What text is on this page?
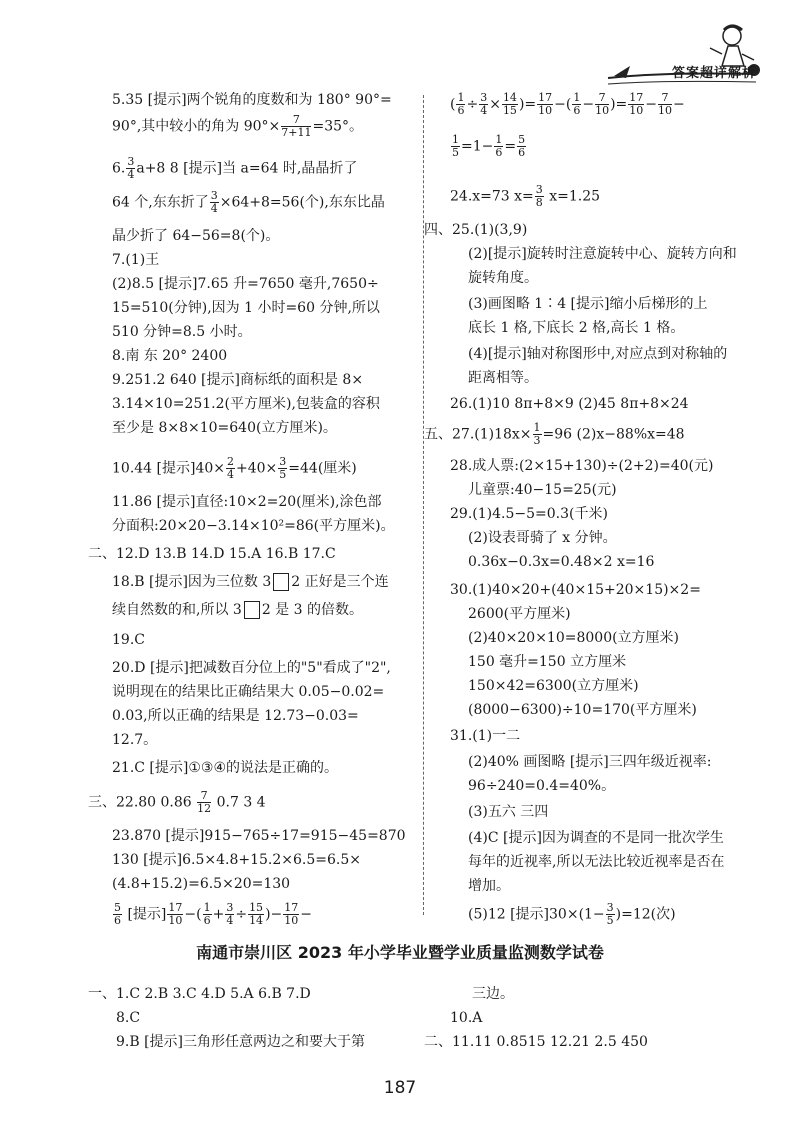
答案超详解析
5.35 [提示]两个锐角的度数和为 180° 90°=
90°,其中较小的角为 $90^\circ\times \frac{7}{7+11} =35^\circ$。
6. $\frac{3}{4} a+8$ 8 [提示]当 a=64 时,晶晶折了
64 个,东东折了 $\frac{3}{4} \times 64+8=56$(个),东东比晶
晶少折了 64−56=8(个)。
7.(1)王
(2)8.5 [提示]7.65 升=7650 毫升,7650÷
15=510(分钟),因为 1 小时=60 分钟,所以
510 分钟=8.5 小时。
8.南 东 20° 2400
9.251.2 640 [提示]商标纸的面积是 8×
3.14×10=251.2(平方厘米),包装盒的容积
至少是 8×8×10=640(立方厘米)。
10.44 [提示]$40\times \frac{2}{4} +40\times \frac{3}{5} =44$(厘米)
11.86 [提示]直径:10×2=20(厘米),涂色部
分面积:20×20−3.14×10²=86(平方厘米)。
二、12.D 13.B 14.D 15.A 16.B 17.C
18.B [提示]因为三位数 3 2 正好是三个连
续自然数的和,所以 3 2 是 3 的倍数。
19.C
20.D [提示]把减数百分位上的"5"看成了"2",
说明现在的结果比正确结果大 0.05−0.02=
0.03,所以正确的结果是 12.73−0.03=
12.7。
21.C [提示]①③④的说法是正确的。
三、22.80 $0.86 \frac{7}{12} 0.7$ 3 4
23.870 [提示]915−765÷17=915−45=870
130 [提示]6.5×4.8+15.2×6.5=6.5×
(4.8+15.2)=6.5×20=130
$\frac{5}{6}$ [提示] $\frac{17}{10}$ −( $\frac{1}{6} + \frac{3}{4} \div \frac{15}{14}$ )− $\frac{17}{10}$ −
( $\frac{1}{6} \div \frac{3}{4} \times \frac{14}{15}$ )= $\frac{17}{10}$ −( $\frac{1}{6} - \frac{7}{10}$ )= $\frac{17}{10} - \frac{7}{10}$ −
$\frac{1}{5} =1- \frac{1}{6} = \frac{5}{6}$
24.x=73 $x= \frac{3}{8} x=1.25$
四、25.(1)(3,9)
(2)[提示]旋转时注意旋转中心、旋转方向和
旋转角度。
(3)画图略 1∶4 [提示]缩小后梯形的上
底长 1 格,下底长 2 格,高长 1 格。
(4)[提示]轴对称图形中,对应点到对称轴的
距离相等。
26.(1)10 8π+8×9 (2)45 8π+8×24
五、$27.(1)18x\times \frac{1}{3} =96$ (2)x−88%x=48
28.成人票:(2×15+130)÷(2+2)=40(元)
儿童票:40−15=25(元)
29.(1)4.5−5=0.3(千米)
(2)设表哥骑了 x 分钟。
0.36x−0.3x=0.48×2 x=16
30.(1)40×20+(40×15+20×15)×2=
2600(平方厘米)
(2)40×20×10=8000(立方厘米)
150 毫升=150 立方厘米
150×42=6300(立方厘米)
(8000−6300)÷10=170(平方厘米)
31.(1)一二
(2)40% 画图略 [提示]三四年级近视率:
96÷240=0.4=40%。
(3)五六 三四
(4)C [提示]因为调查的不是同一批次学生
每年的近视率,所以无法比较近视率是否在
增加。
(5)12 [提示]$30\times(1- \frac{3}{5} )=12$(次)
南通市崇川区 2023 年小学毕业暨学业质量监测数学试卷
一、1.C 2.B 3.C 4.D 5.A 6.B 7.D
8.C
9.B [提示]三角形任意两边之和要大于第
三边。
10.A
二、11.11 0.8515 12.21 2.5 450
187
